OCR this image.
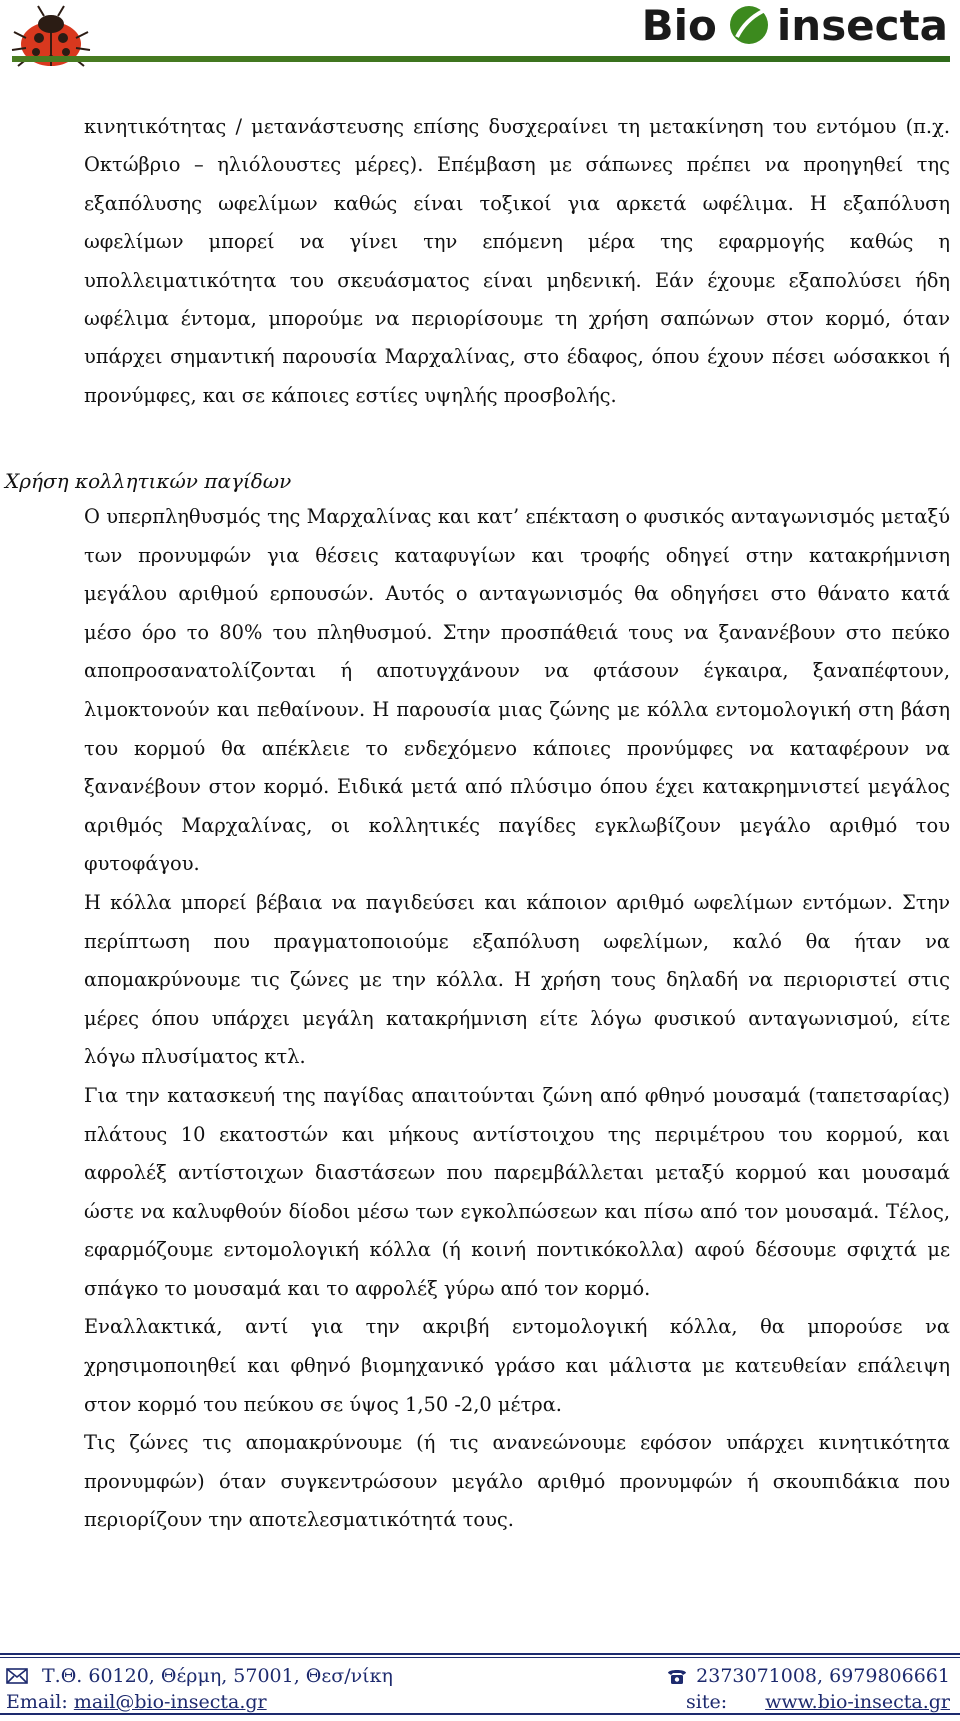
Bio insecta

κινητικότητας / μετανάστευσης επίσης δυσχεραίνει τη μετακίνηση του εντόμου (π.χ. Οκτώβριο – ηλιόλουστες μέρες). Επέμβαση με σάπωνες πρέπει να προηγηθεί της εξαπόλυσης ωφελίμων καθώς είναι τοξικοί για αρκετά ωφέλιμα. Η εξαπόλυση ωφελίμων μπορεί να γίνει την επόμενη μέρα της εφαρμογής καθώς η υπολλειματικότητα του σκευάσματος είναι μηδενική. Εάν έχουμε εξαπολύσει ήδη ωφέλιμα έντομα, μπορούμε να περιορίσουμε τη χρήση σαπώνων στον κορμό, όταν υπάρχει σημαντική παρουσία Μαρχαλίνας, στο έδαφος, όπου έχουν πέσει ωόσακκοι ή προνύμφες, και σε κάποιες εστίες υψηλής προσβολής.

Χρήση κολλητικών παγίδων

Ο υπερπληθυσμός της Μαρχαλίνας και κατ’ επέκταση ο φυσικός ανταγωνισμός μεταξύ των προνυμφών για θέσεις καταφυγίων και τροφής οδηγεί στην κατακρήμνιση μεγάλου αριθμού ερπουσών. Αυτός ο ανταγωνισμός θα οδηγήσει στο θάνατο κατά μέσο όρο το 80% του πληθυσμού. Στην προσπάθειά τους να ξανανέβουν στο πεύκο αποπροσανατολίζονται ή αποτυγχάνουν να φτάσουν έγκαιρα, ξαναπέφτουν, λιμοκτονούν και πεθαίνουν. Η παρουσία μιας ζώνης με κόλλα εντομολογική στη βάση του κορμού θα απέκλειε το ενδεχόμενο κάποιες προνύμφες να καταφέρουν να ξανανέβουν στον κορμό. Ειδικά μετά από πλύσιμο όπου έχει κατακρημνιστεί μεγάλος αριθμός Μαρχαλίνας, οι κολλητικές παγίδες εγκλωβίζουν μεγάλο αριθμό του φυτοφάγου.

Η κόλλα μπορεί βέβαια να παγιδεύσει και κάποιον αριθμό ωφελίμων εντόμων. Στην περίπτωση που πραγματοποιούμε εξαπόλυση ωφελίμων, καλό θα ήταν να απομακρύνουμε τις ζώνες με την κόλλα. Η χρήση τους δηλαδή να περιοριστεί στις μέρες όπου υπάρχει μεγάλη κατακρήμνιση είτε λόγω φυσικού ανταγωνισμού, είτε λόγω πλυσίματος κτλ.

Για την κατασκευή της παγίδας απαιτούνται ζώνη από φθηνό μουσαμά (ταπετσαρίας) πλάτους 10 εκατοστών και μήκους αντίστοιχου της περιμέτρου του κορμού, και αφρολέξ αντίστοιχων διαστάσεων που παρεμβάλλεται μεταξύ κορμού και μουσαμά ώστε να καλυφθούν δίοδοι μέσω των εγκολπώσεων και πίσω από τον μουσαμά. Τέλος, εφαρμόζουμε εντομολογική κόλλα (ή κοινή ποντικόκολλα) αφού δέσουμε σφιχτά με σπάγκο το μουσαμά και το αφρολέξ γύρω από τον κορμό.

Εναλλακτικά, αντί για την ακριβή εντομολογική κόλλα, θα μπορούσε να χρησιμοποιηθεί και φθηνό βιομηχανικό γράσο και μάλιστα με κατευθείαν επάλειψη στον κορμό του πεύκου σε ύψος 1,50 -2,0 μέτρα.

Τις ζώνες τις απομακρύνουμε (ή τις ανανεώνουμε εφόσον υπάρχει κινητικότητα προνυμφών) όταν συγκεντρώσουν μεγάλο αριθμό προνυμφών ή σκουπιδάκια που περιορίζουν την αποτελεσματικότητά τους.

Τ.Θ. 60120, Θέρμη, 57001, Θεσ/νίκη	2373071008, 6979806661
Email:
mail@bio-insecta.gr	site: www.bio-insecta.gr
